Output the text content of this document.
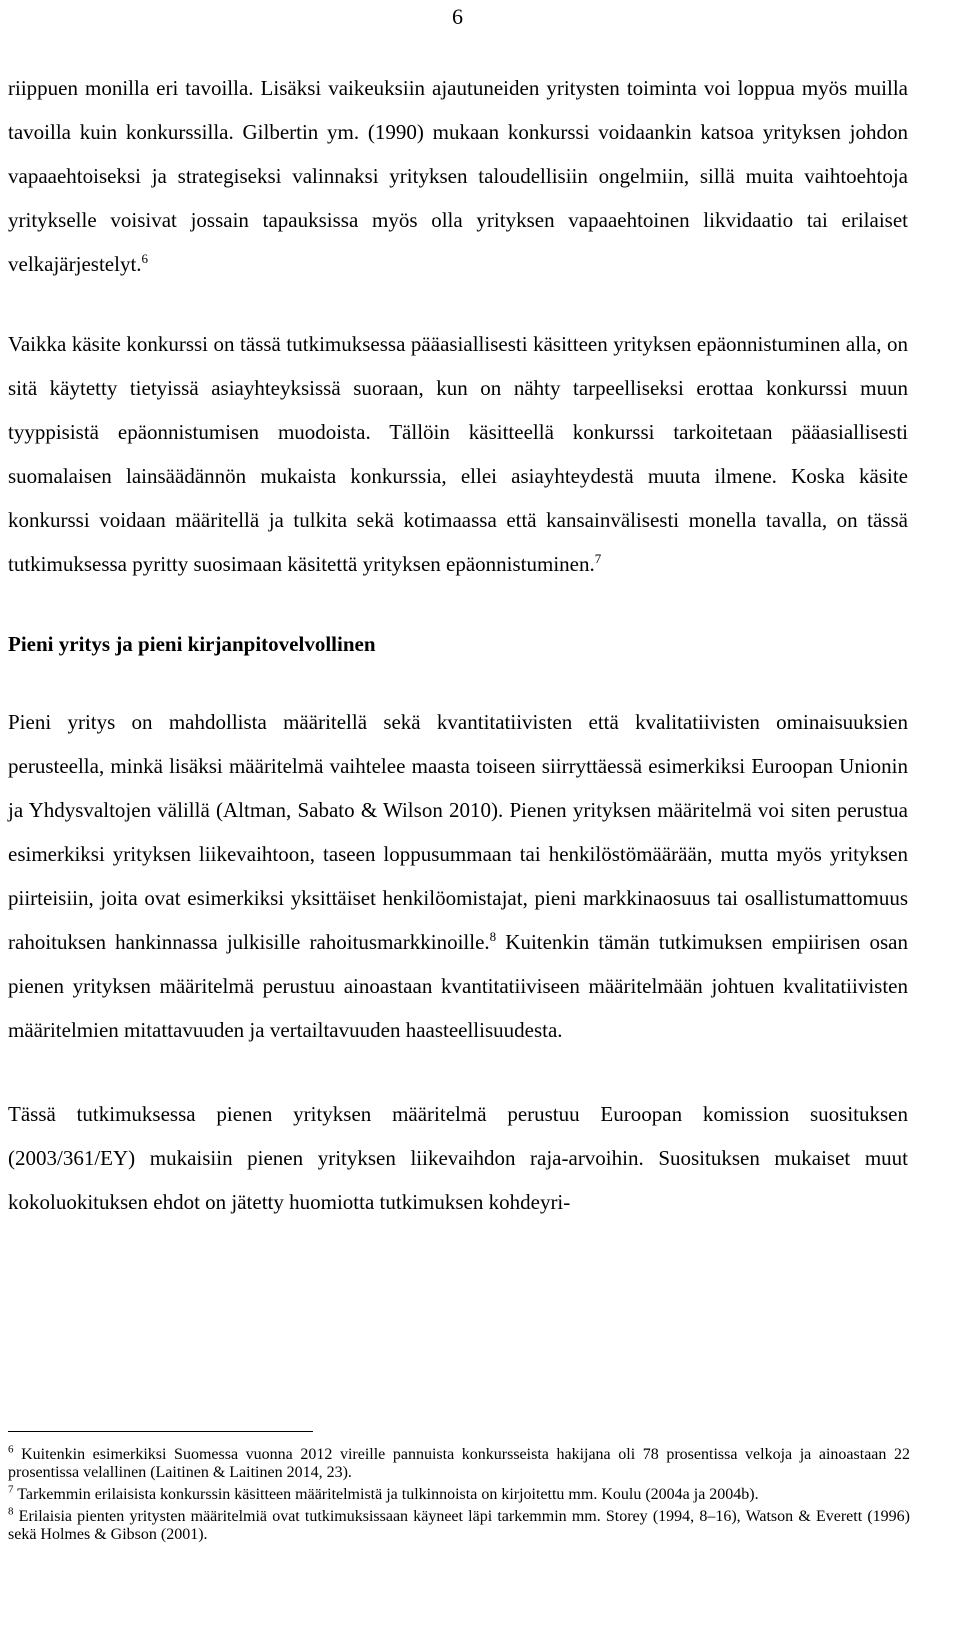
6

riippuen monilla eri tavoilla. Lisäksi vaikeuksiin ajautuneiden yritysten toiminta voi loppua myös muilla tavoilla kuin konkurssilla. Gilbertin ym. (1990) mukaan konkurssi voidaankin katsoa yrityksen johdon vapaaehtoiseksi ja strategiseksi valinnaksi yrityksen taloudellisiin ongelmiin, sillä muita vaihtoehtoja yritykselle voisivat jossain tapauksissa myös olla yrityksen vapaaehtoinen likvidaatio tai erilaiset velkajärjestelyt.$^6$

Vaikka käsite konkurssi on tässä tutkimuksessa pääasiallisesti käsitteen yrityksen epäonnistuminen alla, on sitä käytetty tietyissä asiayhteyksissä suoraan, kun on nähty tarpeelliseksi erottaa konkurssi muun tyyppisistä epäonnistumisen muodoista. Tällöin käsitteellä konkurssi tarkoitetaan pääasiallisesti suomalaisen lainsäädännön mukaista konkurssia, ellei asiayhteydestä muuta ilmene. Koska käsite konkurssi voidaan määritellä ja tulkita sekä kotimaassa että kansainvälisesti monella tavalla, on tässä tutkimuksessa pyritty suosimaan käsitettä yrityksen epäonnistuminen.$^7$

Pieni yritys ja pieni kirjanpitovelvollinen

Pieni yritys on mahdollista määritellä sekä kvantitatiivisten että kvalitatiivisten ominaisuuksien perusteella, minkä lisäksi määritelmä vaihtelee maasta toiseen siirryttäessä esimerkiksi Euroopan Unionin ja Yhdysvaltojen välillä (Altman, Sabato & Wilson 2010). Pienen yrityksen määritelmä voi siten perustua esimerkiksi yrityksen liikevaihtoon, taseen loppusummaan tai henkilöstömäärään, mutta myös yrityksen piirteisiin, joita ovat esimerkiksi yksittäiset henkilöomistajat, pieni markkinaosuus tai osallistumattomuus rahoituksen hankinnassa julkisille rahoitusmarkkinoille.$^8$ Kuitenkin tämän tutkimuksen empiirisen osan pienen yrityksen määritelmä perustuu ainoastaan kvantitatiiviseen määritelmään johtuen kvalitatiivisten määritelmien mitattavuuden ja vertailtavuuden haasteellisuudesta.

Tässä tutkimuksessa pienen yrityksen määritelmä perustuu Euroopan komission suosituksen (2003/361/EY) mukaisiin pienen yrityksen liikevaihdon raja-arvoihin. Suosituksen mukaiset muut kokoluokituksen ehdot on jätetty huomiotta tutkimuksen kohdeyri-

$^6$ Kuitenkin esimerkiksi Suomessa vuonna 2012 vireille pannuista konkursseista hakijana oli 78 prosentissa velkoja ja ainoastaan 22 prosentissa velallinen (Laitinen & Laitinen 2014, 23).

$^7$ Tarkemmin erilaisista konkurssin käsitteen määritelmistä ja tulkinnoista on kirjoitettu mm. Koulu (2004a ja 2004b).

$^8$ Erilaisia pienten yritysten määritelmiä ovat tutkimuksissaan käyneet läpi tarkemmin mm. Storey (1994, 8–16), Watson & Everett (1996) sekä Holmes & Gibson (2001).
